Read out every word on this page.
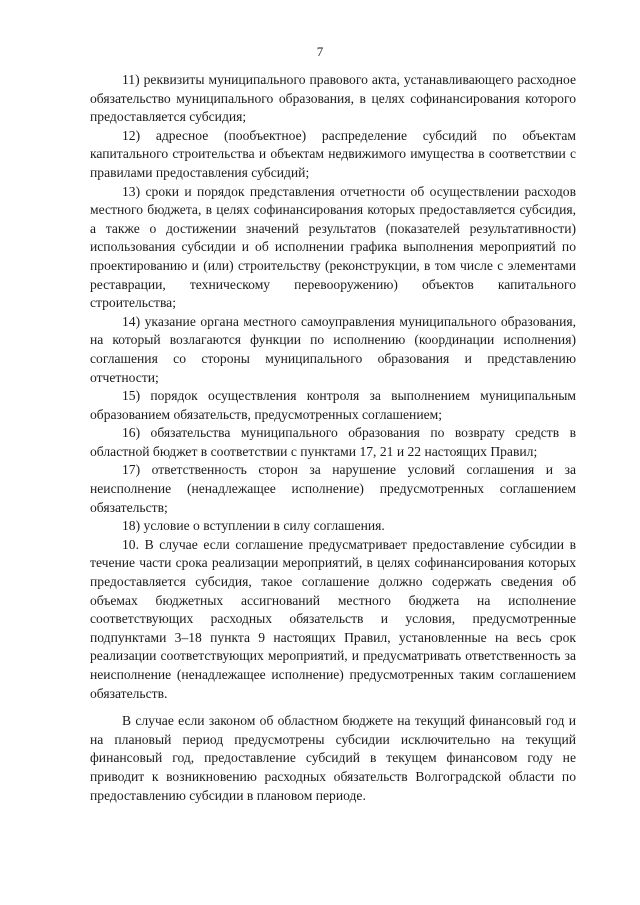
7

11) реквизиты муниципального правового акта, устанавливающего расходное обязательство муниципального образования, в целях софинансирования которого предоставляется субсидия;

12) адресное (пообъектное) распределение субсидий по объектам капитального строительства и объектам недвижимого имущества в соответствии с правилами предоставления субсидий;

13) сроки и порядок представления отчетности об осуществлении расходов местного бюджета, в целях софинансирования которых предоставляется субсидия, а также о достижении значений результатов (показателей результативности) использования субсидии и об исполнении графика выполнения мероприятий по проектированию и (или) строительству (реконструкции, в том числе с элементами реставрации, техническому перевооружению) объектов капитального строительства;

14) указание органа местного самоуправления муниципального образования, на который возлагаются функции по исполнению (координации исполнения) соглашения со стороны муниципального образования и представлению отчетности;

15) порядок осуществления контроля за выполнением муниципальным образованием обязательств, предусмотренных соглашением;

16) обязательства муниципального образования по возврату средств в областной бюджет в соответствии с пунктами 17, 21 и 22 настоящих Правил;

17) ответственность сторон за нарушение условий соглашения и за неисполнение (ненадлежащее исполнение) предусмотренных соглашением обязательств;

18) условие о вступлении в силу соглашения.

10. В случае если соглашение предусматривает предоставление субсидии в течение части срока реализации мероприятий, в целях софинансирования которых предоставляется субсидия, такое соглашение должно содержать сведения об объемах бюджетных ассигнований местного бюджета на исполнение соответствующих расходных обязательств и условия, предусмотренные подпунктами 3–18 пункта 9 настоящих Правил, установленные на весь срок реализации соответствующих мероприятий, и предусматривать ответственность за неисполнение (ненадлежащее исполнение) предусмотренных таким соглашением обязательств.

В случае если законом об областном бюджете на текущий финансовый год и на плановый период предусмотрены субсидии исключительно на текущий финансовый год, предоставление субсидий в текущем финансовом году не приводит к возникновению расходных обязательств Волгоградской области по предоставлению субсидии в плановом периоде.
